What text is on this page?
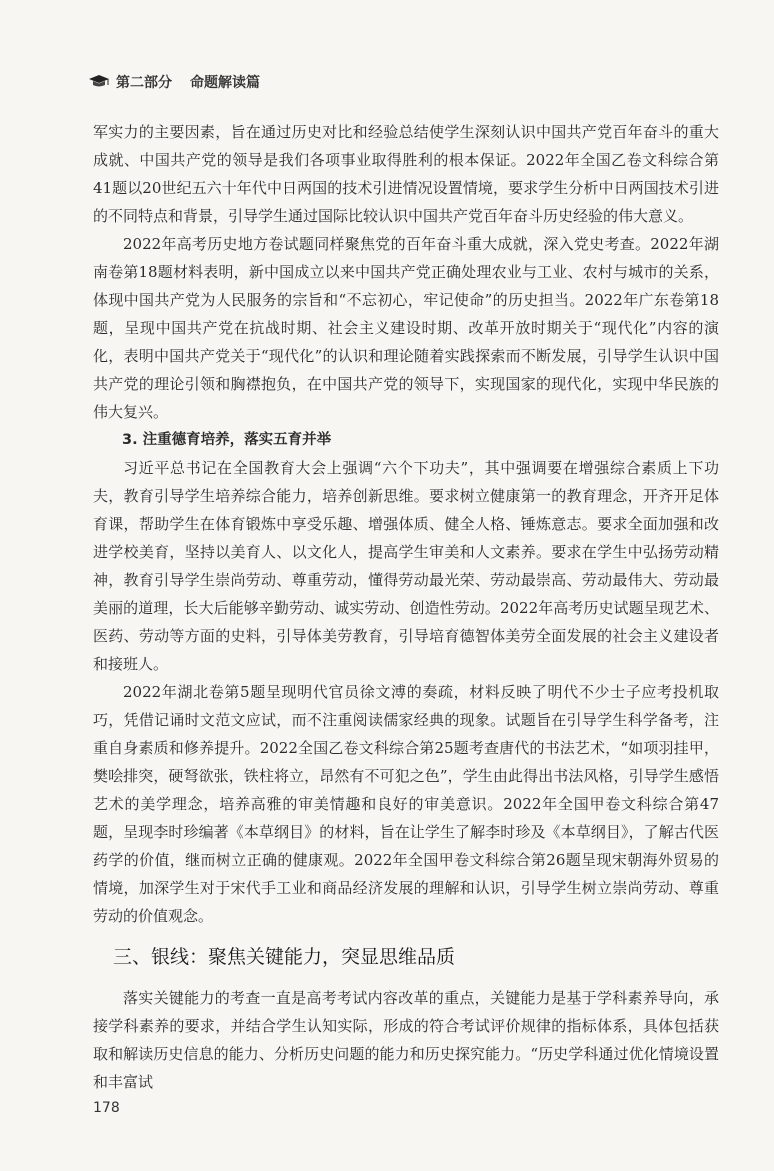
第二部分 命题解读篇

军实力的主要因素，旨在通过历史对比和经验总结使学生深刻认识中国共产党百年奋斗的重大成就、中国共产党的领导是我们各项事业取得胜利的根本保证。2022年全国乙卷文科综合第41题以20世纪五六十年代中日两国的技术引进情况设置情境，要求学生分析中日两国技术引进的不同特点和背景，引导学生通过国际比较认识中国共产党百年奋斗历史经验的伟大意义。

2022年高考历史地方卷试题同样聚焦党的百年奋斗重大成就，深入党史考查。2022年湖南卷第18题材料表明，新中国成立以来中国共产党正确处理农业与工业、农村与城市的关系，体现中国共产党为人民服务的宗旨和“不忘初心，牢记使命”的历史担当。2022年广东卷第18题，呈现中国共产党在抗战时期、社会主义建设时期、改革开放时期关于“现代化”内容的演化，表明中国共产党关于“现代化”的认识和理论随着实践探索而不断发展，引导学生认识中国共产党的理论引领和胸襟抱负，在中国共产党的领导下，实现国家的现代化，实现中华民族的伟大复兴。

3. 注重德育培养，落实五育并举

习近平总书记在全国教育大会上强调“六个下功夫”，其中强调要在增强综合素质上下功夫，教育引导学生培养综合能力，培养创新思维。要求树立健康第一的教育理念，开齐开足体育课，帮助学生在体育锻炼中享受乐趣、增强体质、健全人格、锤炼意志。要求全面加强和改进学校美育，坚持以美育人、以文化人，提高学生审美和人文素养。要求在学生中弘扬劳动精神，教育引导学生崇尚劳动、尊重劳动，懂得劳动最光荣、劳动最崇高、劳动最伟大、劳动最美丽的道理，长大后能够辛勤劳动、诚实劳动、创造性劳动。2022年高考历史试题呈现艺术、医药、劳动等方面的史料，引导体美劳教育，引导培育德智体美劳全面发展的社会主义建设者和接班人。

2022年湖北卷第5题呈现明代官员徐文溥的奏疏，材料反映了明代不少士子应考投机取巧，凭借记诵时文范文应试，而不注重阅读儒家经典的现象。试题旨在引导学生科学备考，注重自身素质和修养提升。2022全国乙卷文科综合第25题考查唐代的书法艺术，“如项羽挂甲，樊哙排突，硬弩欲张，铁柱将立，昂然有不可犯之色”，学生由此得出书法风格，引导学生感悟艺术的美学理念，培养高雅的审美情趣和良好的审美意识。2022年全国甲卷文科综合第47题，呈现李时珍编著《本草纲目》的材料，旨在让学生了解李时珍及《本草纲目》，了解古代医药学的价值，继而树立正确的健康观。2022年全国甲卷文科综合第26题呈现宋朝海外贸易的情境，加深学生对于宋代手工业和商品经济发展的理解和认识，引导学生树立崇尚劳动、尊重劳动的价值观念。

三、银线：聚焦关键能力，突显思维品质

落实关键能力的考查一直是高考考试内容改革的重点，关键能力是基于学科素养导向，承接学科素养的要求，并结合学生认知实际，形成的符合考试评价规律的指标体系，具体包括获取和解读历史信息的能力、分析历史问题的能力和历史探究能力。“历史学科通过优化情境设置和丰富试

178
